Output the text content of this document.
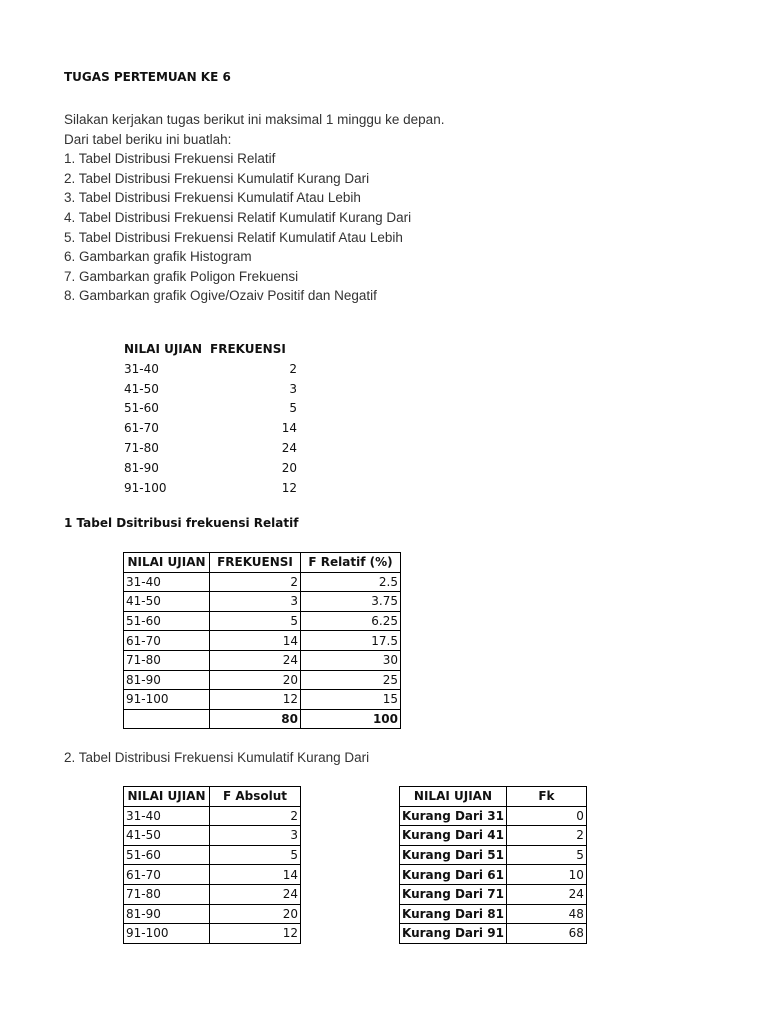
TUGAS PERTEMUAN KE 6
Silakan kerjakan tugas berikut ini maksimal 1 minggu ke depan.
Dari tabel beriku ini buatlah:
1. Tabel Distribusi Frekuensi Relatif
2. Tabel Distribusi Frekuensi Kumulatif Kurang Dari
3. Tabel Distribusi Frekuensi Kumulatif Atau Lebih
4. Tabel Distribusi Frekuensi Relatif Kumulatif Kurang Dari
5. Tabel Distribusi Frekuensi Relatif Kumulatif Atau Lebih
6. Gambarkan grafik Histogram
7. Gambarkan grafik Poligon Frekuensi
8. Gambarkan grafik Ogive/Ozaiv Positif dan Negatif
NILAI UJIAN FREKUENSI
31-40	2
41-50	3
51-60	5
61-70	14
71-80	24
81-90	20
91-100	12
1 Tabel Dsitribusi frekuensi Relatif
NILAI UJIAN	FREKUENSI	F Relatif (%)
31-40	2	2.5
41-50	3	3.75
51-60	5	6.25
61-70	14	17.5
71-80	24	30
81-90	20	25
91-100	12	15
	80	100
2. Tabel Distribusi Frekuensi Kumulatif Kurang Dari
NILAI UJIAN	F Absolut
31-40	2
41-50	3
51-60	5
61-70	14
71-80	24
81-90	20
91-100	12
NILAI UJIAN	Fk
Kurang Dari 31	0
Kurang Dari 41	2
Kurang Dari 51	5
Kurang Dari 61	10
Kurang Dari 71	24
Kurang Dari 81	48
Kurang Dari 91	68
